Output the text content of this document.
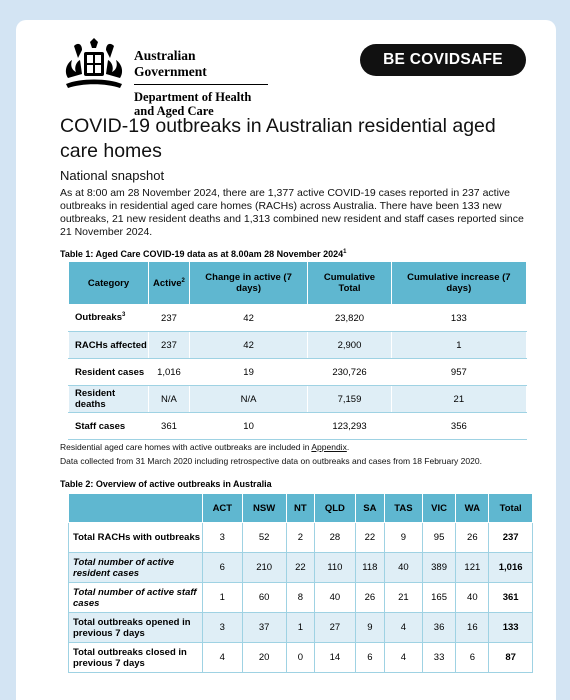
Australian Government
Department of Health
and Aged Care
BE COVIDSAFE
COVID-19 outbreaks in Australian residential aged care homes
National snapshot
As at 8:00 am 28 November 2024, there are 1,377 active COVID-19 cases reported in 237 active outbreaks in residential aged care homes (RACHs) across Australia. There have been 133 new outbreaks, 21 new resident deaths and 1,313 combined new resident and staff cases reported since 21 November 2024.
Table 1: Aged Care COVID-19 data as at 8.00am 28 November 2024$^1$
Category	Active$^2$	Change in active (7 days)	Cumulative Total	Cumulative increase (7 days)
Outbreaks$^3$	237	42	23,820	133
RACHs affected	237	42	2,900	1
Resident cases	1,016	19	230,726	957
Resident deaths	N/A	N/A	7,159	21
Staff cases	361	10	123,293	356
Residential aged care homes with active outbreaks are included in Appendix.
Data collected from 31 March 2020 including retrospective data on outbreaks and cases from 18 February 2020.
Table 2: Overview of active outbreaks in Australia
	ACT	NSW	NT	QLD	SA	TAS	VIC	WA	Total
Total RACHs with outbreaks	3	52	2	28	22	9	95	26	237
Total number of active resident cases	6	210	22	110	118	40	389	121	1,016
Total number of active staff cases	1	60	8	40	26	21	165	40	361
Total outbreaks opened in previous 7 days	3	37	1	27	9	4	36	16	133
Total outbreaks closed in previous 7 days	4	20	0	14	6	4	33	6	87
